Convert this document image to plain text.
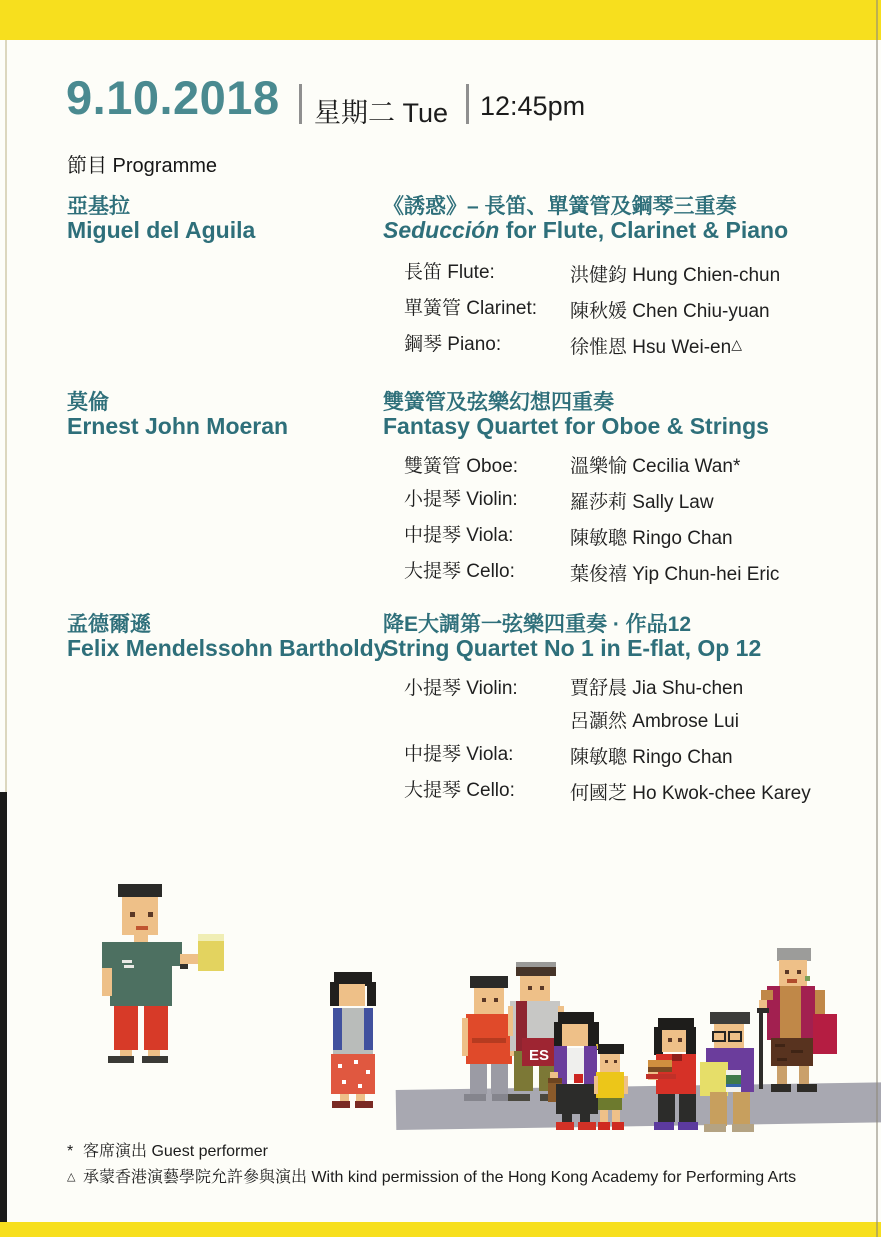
9.10.2018 星期二 Tue 12:45pm
節目 Programme
亞基拉
Miguel del Aguila
《誘惑》– 長笛、單簧管及鋼琴三重奏
Seducción for Flute, Clarinet & Piano
長笛 Flute:	洪健鈞 Hung Chien-chun
單簧管 Clarinet:	陳秋媛 Chen Chiu-yuan
鋼琴 Piano:	徐惟恩 Hsu Wei-en△
莫倫
Ernest John Moeran
雙簧管及弦樂幻想四重奏
Fantasy Quartet for Oboe & Strings
雙簧管 Oboe:	溫樂愉 Cecilia Wan*
小提琴 Violin:	羅莎莉 Sally Law
中提琴 Viola:	陳敏聰 Ringo Chan
大提琴 Cello:	葉俊禧 Yip Chun-hei Eric
孟德爾遜
Felix Mendelssohn Bartholdy
降E大調第一弦樂四重奏 · 作品12
String Quartet No 1 in E-flat, Op 12
小提琴 Violin:	賈舒晨 Jia Shu-chen
呂灝然 Ambrose Lui
中提琴 Viola:	陳敏聰 Ringo Chan
大提琴 Cello:	何國芝 Ho Kwok-chee Karey
ES
* 客席演出 Guest performer
△ 承蒙香港演藝學院允許參與演出 With kind permission of the Hong Kong Academy for Performing Arts
